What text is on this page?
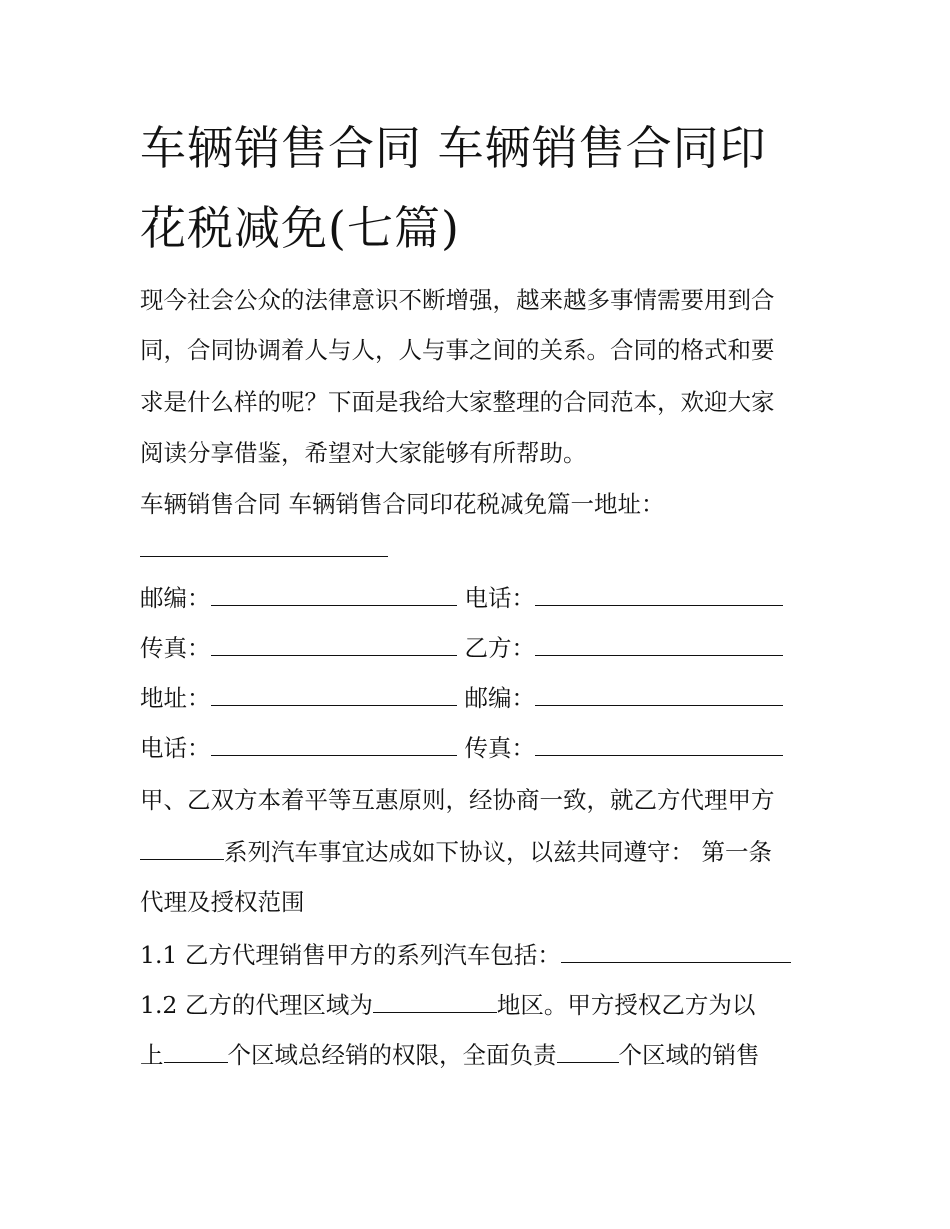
车辆销售合同 车辆销售合同印
花税减免(七篇)
现今社会公众的法律意识不断增强，越来越多事情需要用到合
同，合同协调着人与人，人与事之间的关系。合同的格式和要
求是什么样的呢？下面是我给大家整理的合同范本，欢迎大家
阅读分享借鉴，希望对大家能够有所帮助。
车辆销售合同 车辆销售合同印花税减免篇一地址：
邮编：	电话：
传真：	乙方：
地址：	邮编：
电话：	传真：
甲、乙双方本着平等互惠原则，经协商一致，就乙方代理甲方
系列汽车事宜达成如下协议，以兹共同遵守： 第一条
代理及授权范围
1.1 乙方代理销售甲方的系列汽车包括：
1.2 乙方的代理区域为	地区。甲方授权乙方为以
上	个区域总经销的权限，全面负责	个区域的销售
